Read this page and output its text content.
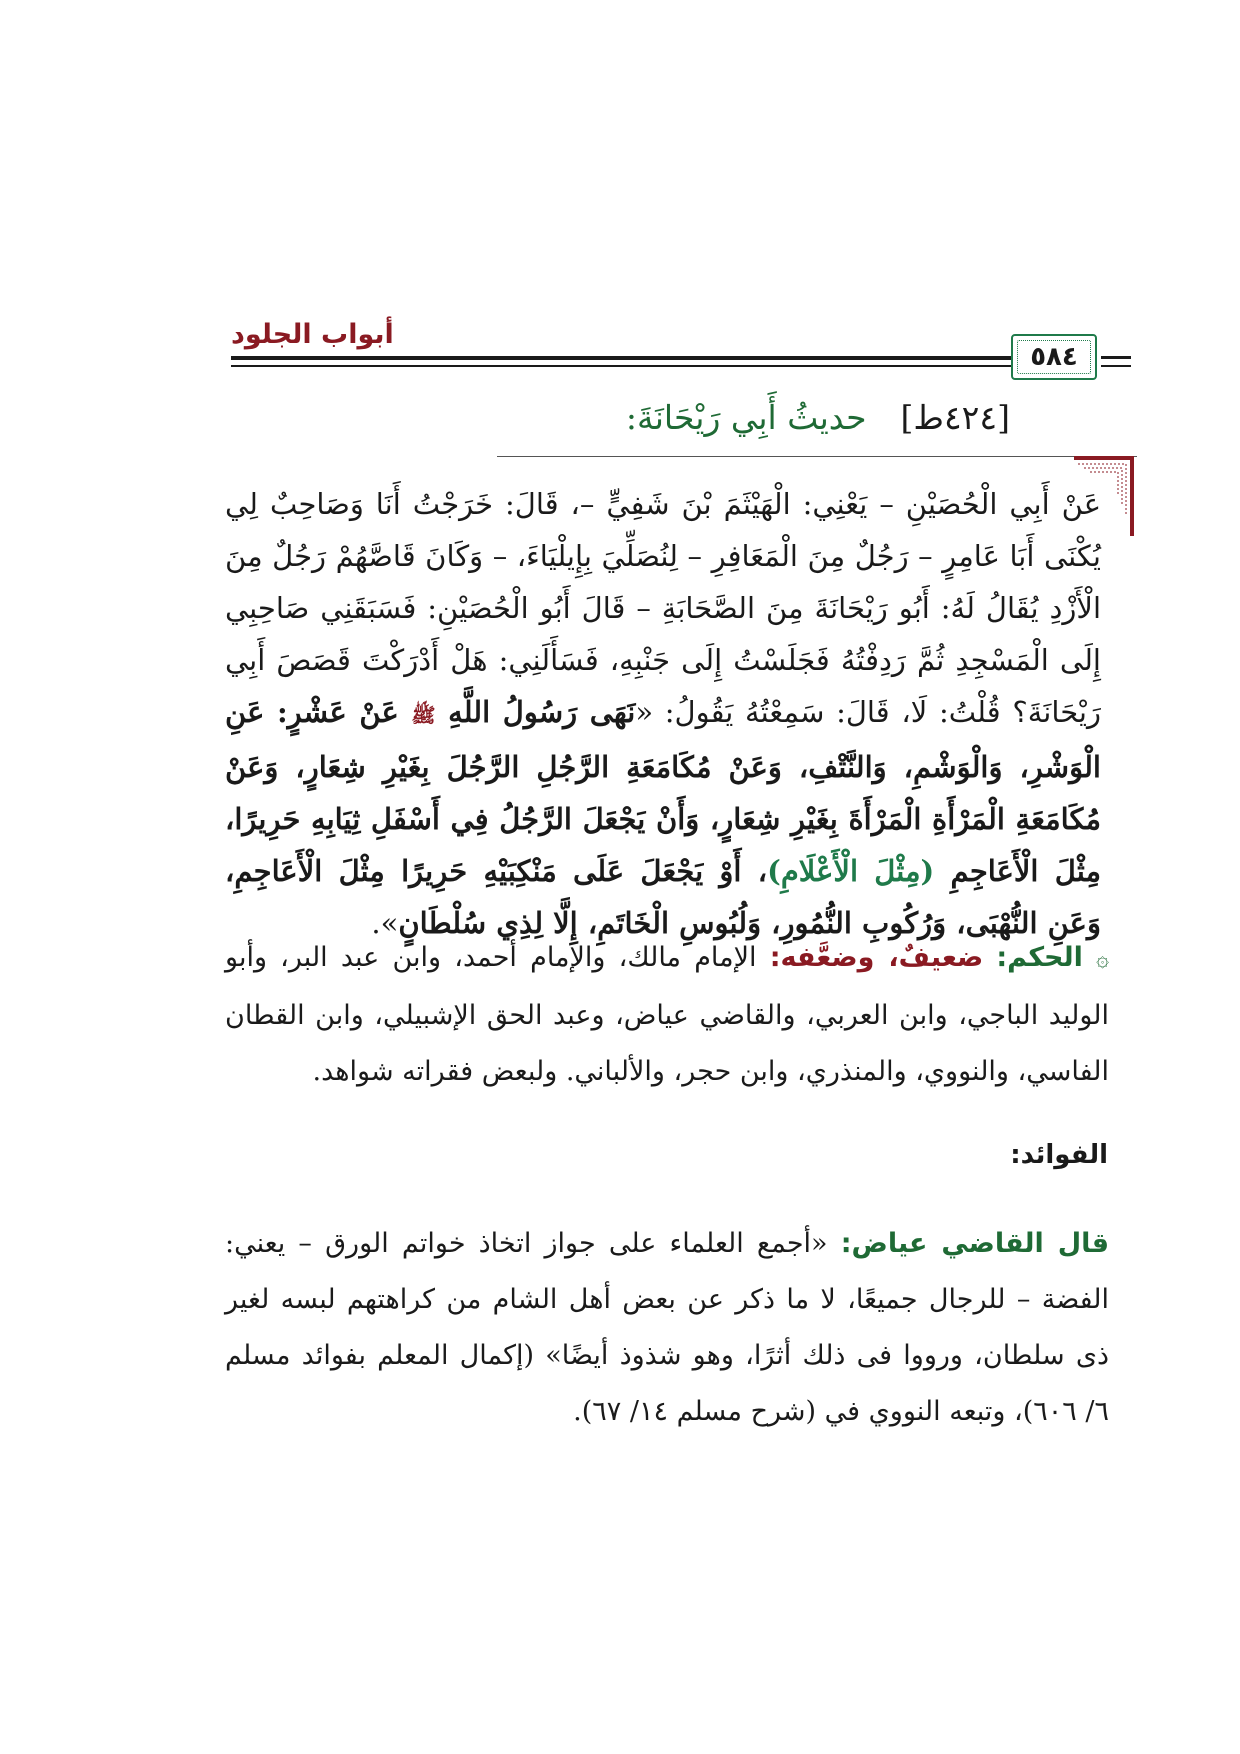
أبواب الجلود
٥٨٤
[٤٢٤ط]حديثُ أَبِي رَيْحَانَةَ:

عَنْ أَبِي الْحُصَيْنِ – يَعْنِي: الْهَيْثَمَ بْنَ شَفِيٍّ –، قَالَ: خَرَجْتُ أَنَا وَصَاحِبٌ لِي يُكْنَى أَبَا عَامِرٍ – رَجُلٌ مِنَ الْمَعَافِرِ – لِنُصَلِّيَ بِإِيلْيَاءَ، – وَكَانَ قَاصَّهُمْ رَجُلٌ مِنَ الْأَزْدِ يُقَالُ لَهُ: أَبُو رَيْحَانَةَ مِنَ الصَّحَابَةِ – قَالَ أَبُو الْحُصَيْنِ: فَسَبَقَنِي صَاحِبِي إِلَى الْمَسْجِدِ ثُمَّ رَدِفْتُهُ فَجَلَسْتُ إِلَى جَنْبِهِ، فَسَأَلَنِي: هَلْ أَدْرَكْتَ قَصَصَ أَبِي رَيْحَانَةَ؟ قُلْتُ: لَا، قَالَ: سَمِعْتُهُ يَقُولُ: «نَهَى رَسُولُ اللَّهِ ﷺ عَنْ عَشْرٍ: عَنِ الْوَشْرِ، وَالْوَشْمِ، وَالنَّتْفِ، وَعَنْ مُكَامَعَةِ الرَّجُلِ الرَّجُلَ بِغَيْرِ شِعَارٍ، وَعَنْ مُكَامَعَةِ الْمَرْأَةِ الْمَرْأَةَ بِغَيْرِ شِعَارٍ، وَأَنْ يَجْعَلَ الرَّجُلُ فِي أَسْفَلِ ثِيَابِهِ حَرِيرًا، مِثْلَ الْأَعَاجِمِ (مِثْلَ الْأَعْلَامِ)، أَوْ يَجْعَلَ عَلَى مَنْكِبَيْهِ حَرِيرًا مِثْلَ الْأَعَاجِمِ، وَعَنِ النُّهْبَى، وَرُكُوبِ النُّمُورِ، وَلُبُوسِ الْخَاتَمِ، إِلَّا لِذِي سُلْطَانٍ».

۞ الحكم: ضعيفٌ، وضعَّفه: الإمام مالك، والإمام أحمد، وابن عبد البر، وأبو الوليد الباجي، وابن العربي، والقاضي عياض، وعبد الحق الإشبيلي، وابن القطان الفاسي، والنووي، والمنذري، وابن حجر، والألباني. ولبعض فقراته شواهد.

الفوائد:

قال القاضي عياض: «أجمع العلماء على جواز اتخاذ خواتم الورق – يعني: الفضة – للرجال جميعًا، لا ما ذكر عن بعض أهل الشام من كراهتهم لبسه لغير ذى سلطان، ورووا فى ذلك أثرًا، وهو شذوذ أيضًا» (إكمال المعلم بفوائد مسلم ٦/ ٦٠٦)، وتبعه النووي في (شرح مسلم ١٤/ ٦٧).
